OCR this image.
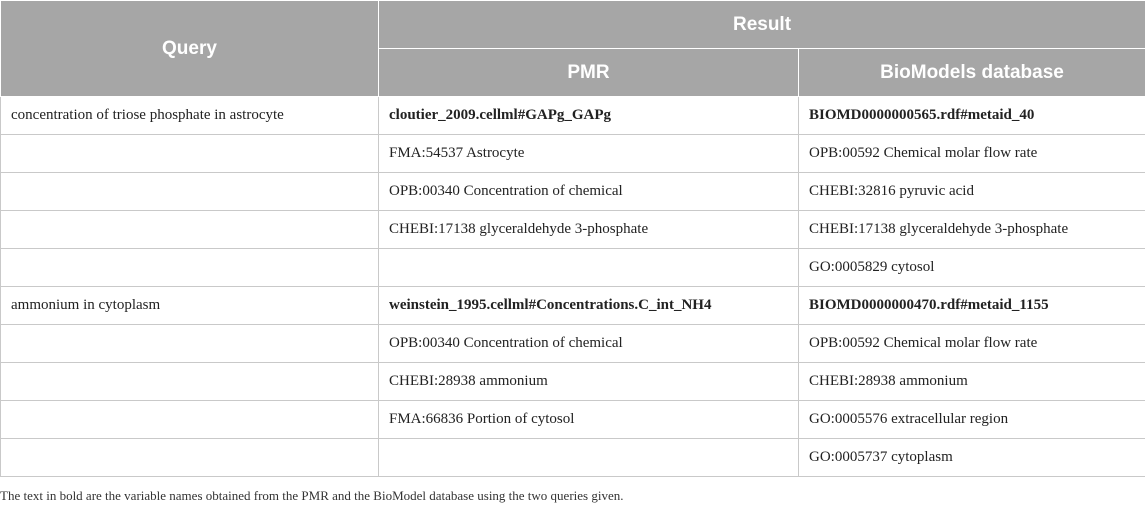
Query	Result	
	PMR	BioModels database
concentration of triose phosphate in astrocyte	cloutier_2009.cellml#GAPg_GAPg	BIOMD0000000565.rdf#metaid_40
	FMA:54537 Astrocyte	OPB:00592 Chemical molar flow rate
	OPB:00340 Concentration of chemical	CHEBI:32816 pyruvic acid
	CHEBI:17138 glyceraldehyde 3-phosphate	CHEBI:17138 glyceraldehyde 3-phosphate
		GO:0005829 cytosol
ammonium in cytoplasm	weinstein_1995.cellml#Concentrations.C_int_NH4	BIOMD0000000470.rdf#metaid_1155
	OPB:00340 Concentration of chemical	OPB:00592 Chemical molar flow rate
	CHEBI:28938 ammonium	CHEBI:28938 ammonium
	FMA:66836 Portion of cytosol	GO:0005576 extracellular region
		GO:0005737 cytoplasm
The text in bold are the variable names obtained from the PMR and the BioModel database using the two queries given.
